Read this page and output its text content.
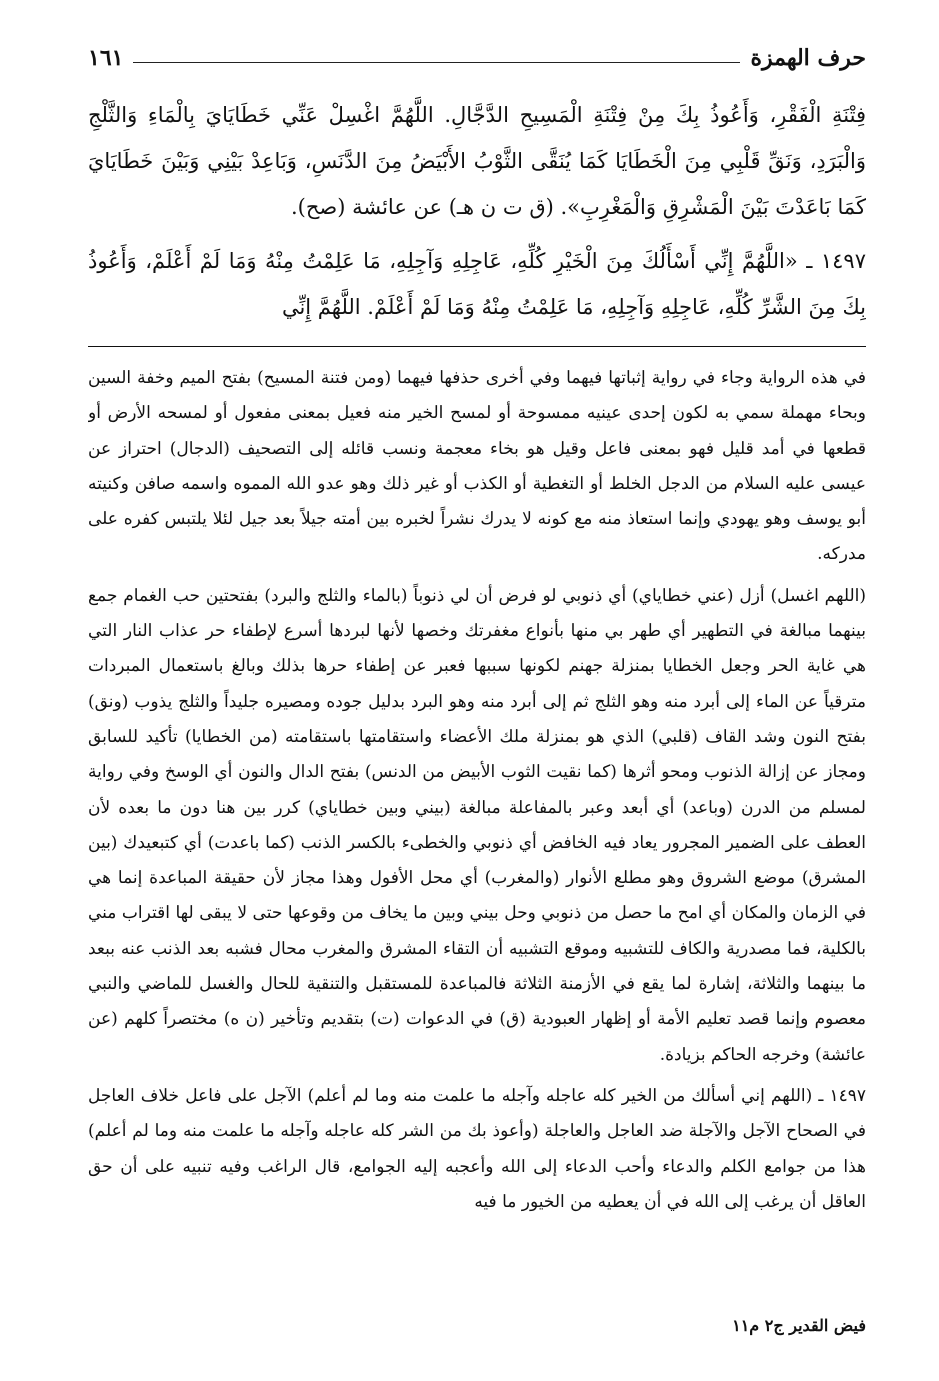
حرف الهمزة
١٦١

فِتْنَةِ الْفَقْرِ، وَأَعُوذُ بِكَ مِنْ فِتْنَةِ الْمَسِيحِ الدَّجَّالِ. اللَّهُمَّ اغْسِلْ عَنِّي خَطَايَايَ بِالْمَاءِ وَالثَّلْجِ وَالْبَرَدِ، وَنَقِّ قَلْبِي مِنَ الْخَطَايَا كَمَا يُنَقَّى الثَّوْبُ الأَبْيَضُ مِنَ الدَّنَسِ، وَبَاعِدْ بَيْنِي وَبَيْنَ خَطَايَايَ كَمَا بَاعَدْتَ بَيْنَ الْمَشْرِقِ وَالْمَغْرِبِ». (ق ت ن هـ) عن عائشة (صح).

١٤٩٧ ـ «اللَّهُمَّ إِنِّي أَسْأَلُكَ مِنَ الْخَيْرِ كُلِّهِ، عَاجِلِهِ وَآجِلِهِ، مَا عَلِمْتُ مِنْهُ وَمَا لَمْ أَعْلَمْ، وَأَعُوذُ بِكَ مِنَ الشَّرِّ كُلِّهِ، عَاجِلِهِ وَآجِلِهِ، مَا عَلِمْتُ مِنْهُ وَمَا لَمْ أَعْلَمْ. اللَّهُمَّ إِنِّي

في هذه الرواية وجاء في رواية إثباتها فيهما وفي أخرى حذفها فيهما (ومن فتنة المسيح) بفتح الميم وخفة السين وبحاء مهملة سمي به لكون إحدى عينيه ممسوحة أو لمسح الخير منه فعيل بمعنى مفعول أو لمسحه الأرض أو قطعها في أمد قليل فهو بمعنى فاعل وقيل هو بخاء معجمة ونسب قائله إلى التصحيف (الدجال) احتراز عن عيسى عليه السلام من الدجل الخلط أو التغطية أو الكذب أو غير ذلك وهو عدو الله المموه واسمه صافن وكنيته أبو يوسف وهو يهودي وإنما استعاذ منه مع كونه لا يدرك نشراً لخبره بين أمته جيلاً بعد جيل لئلا يلتبس كفره على مدركه.

(اللهم اغسل) أزل (عني خطاياي) أي ذنوبي لو فرض أن لي ذنوباً (بالماء والثلج والبرد) بفتحتين حب الغمام جمع بينهما مبالغة في التطهير أي طهر بي منها بأنواع مغفرتك وخصها لأنها لبردها أسرع لإطفاء حر عذاب النار التي هي غاية الحر وجعل الخطايا بمنزلة جهنم لكونها سببها فعبر عن إطفاء حرها بذلك وبالغ باستعمال المبردات مترقياً عن الماء إلى أبرد منه وهو الثلج ثم إلى أبرد منه وهو البرد بدليل جوده ومصيره جليداً والثلج يذوب (ونق) بفتح النون وشد القاف (قلبي) الذي هو بمنزلة ملك الأعضاء واستقامتها باستقامته (من الخطايا) تأكيد للسابق ومجاز عن إزالة الذنوب ومحو أثرها (كما نقيت الثوب الأبيض من الدنس) بفتح الدال والنون أي الوسخ وفي رواية لمسلم من الدرن (وباعد) أي أبعد وعبر بالمفاعلة مبالغة (بيني وبين خطاياي) كرر بين هنا دون ما بعده لأن العطف على الضمير المجرور يعاد فيه الخافض أي ذنوبي والخطىء بالكسر الذنب (كما باعدت) أي كتبعيدك (بين المشرق) موضع الشروق وهو مطلع الأنوار (والمغرب) أي محل الأفول وهذا مجاز لأن حقيقة المباعدة إنما هي في الزمان والمكان أي امح ما حصل من ذنوبي وحل بيني وبين ما يخاف من وقوعها حتى لا يبقى لها اقتراب مني بالكلية، فما مصدرية والكاف للتشبيه وموقع التشبيه أن التقاء المشرق والمغرب محال فشبه بعد الذنب عنه ببعد ما بينهما والثلاثة، إشارة لما يقع في الأزمنة الثلاثة فالمباعدة للمستقبل والتنقية للحال والغسل للماضي والنبي معصوم وإنما قصد تعليم الأمة أو إظهار العبودية (ق) في الدعوات (ت) بتقديم وتأخير (ن ه) مختصراً كلهم (عن عائشة) وخرجه الحاكم بزيادة.

١٤٩٧ ـ (اللهم إني أسألك من الخير كله عاجله وآجله ما علمت منه وما لم أعلم) الآجل على فاعل خلاف العاجل في الصحاح الآجل والآجلة ضد العاجل والعاجلة (وأعوذ بك من الشر كله عاجله وآجله ما علمت منه وما لم أعلم) هذا من جوامع الكلم والدعاء وأحب الدعاء إلى الله وأعجبه إليه الجوامع، قال الراغب وفيه تنبيه على أن حق العاقل أن يرغب إلى الله في أن يعطيه من الخيور ما فيه

فيض القدير ج٢ م١١
